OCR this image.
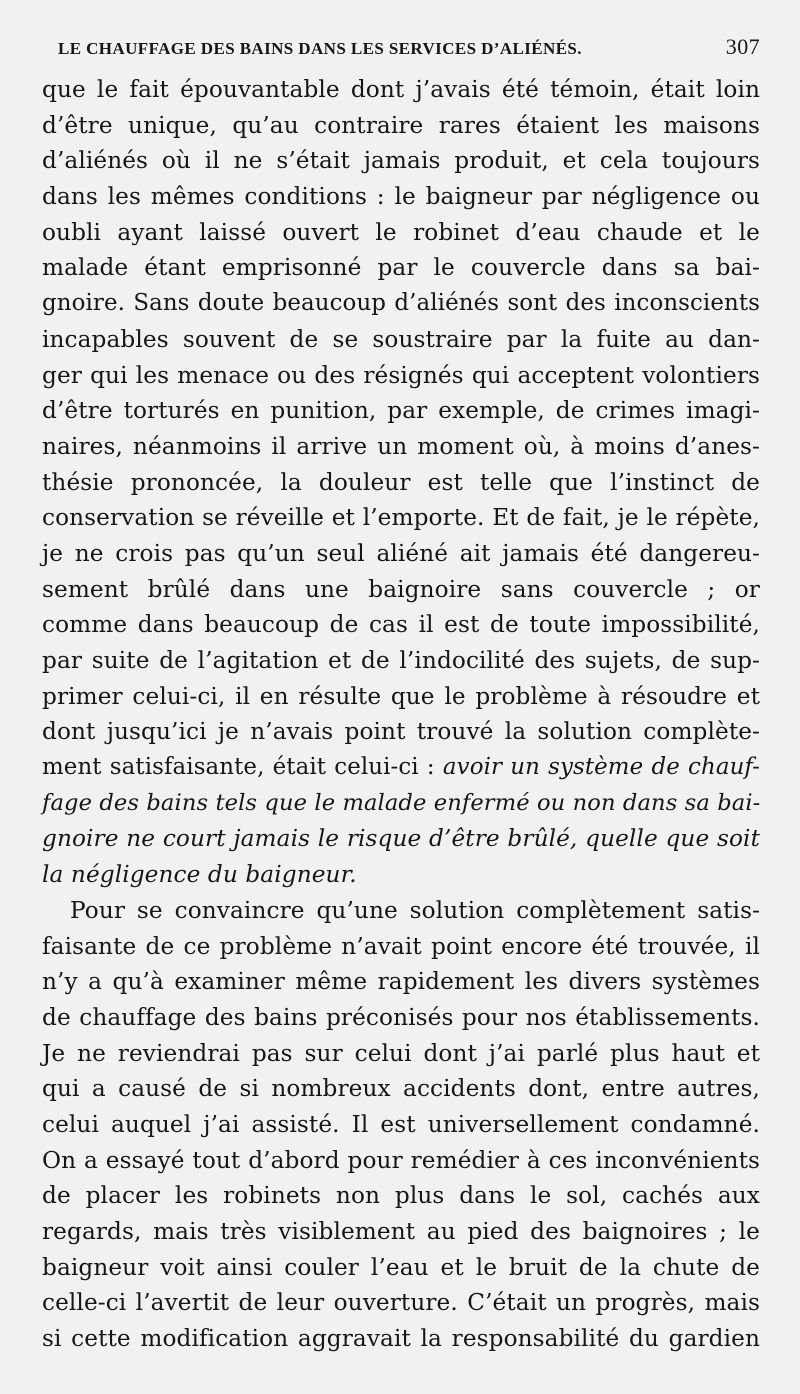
LE CHAUFFAGE DES BAINS DANS LES SERVICES D’ALIÉNÉS.	307
que le fait épouvantable dont j’avais été témoin, était loin
d’être unique, qu’au contraire rares étaient les maisons
d’aliénés où il ne s’était jamais produit, et cela toujours
dans les mêmes conditions : le baigneur par négligence ou
oubli ayant laissé ouvert le robinet d’eau chaude et le
malade étant emprisonné par le couvercle dans sa bai-
gnoire. Sans doute beaucoup d’aliénés sont des inconscients
incapables souvent de se soustraire par la fuite au dan-
ger qui les menace ou des résignés qui acceptent volontiers
d’être torturés en punition, par exemple, de crimes imagi-
naires, néanmoins il arrive un moment où, à moins d’anes-
thésie prononcée, la douleur est telle que l’instinct de
conservation se réveille et l’emporte. Et de fait, je le répète,
je ne crois pas qu’un seul aliéné ait jamais été dangereu-
sement brûlé dans une baignoire sans couvercle ; or
comme dans beaucoup de cas il est de toute impossibilité,
par suite de l’agitation et de l’indocilité des sujets, de sup-
primer celui-ci, il en résulte que le problème à résoudre et
dont jusqu’ici je n’avais point trouvé la solution complète-
ment satisfaisante, était celui-ci : avoir un système de chauf-
fage des bains tels que le malade enfermé ou non dans sa bai-
gnoire ne court jamais le risque d’être brûlé, quelle que soit
la négligence du baigneur.
Pour se convaincre qu’une solution complètement satis-
faisante de ce problème n’avait point encore été trouvée, il
n’y a qu’à examiner même rapidement les divers systèmes
de chauffage des bains préconisés pour nos établissements.
Je ne reviendrai pas sur celui dont j’ai parlé plus haut et
qui a causé de si nombreux accidents dont, entre autres,
celui auquel j’ai assisté. Il est universellement condamné.
On a essayé tout d’abord pour remédier à ces inconvénients
de placer les robinets non plus dans le sol, cachés aux
regards, mais très visiblement au pied des baignoires ; le
baigneur voit ainsi couler l’eau et le bruit de la chute de
celle-ci l’avertit de leur ouverture. C’était un progrès, mais
si cette modification aggravait la responsabilité du gardien
